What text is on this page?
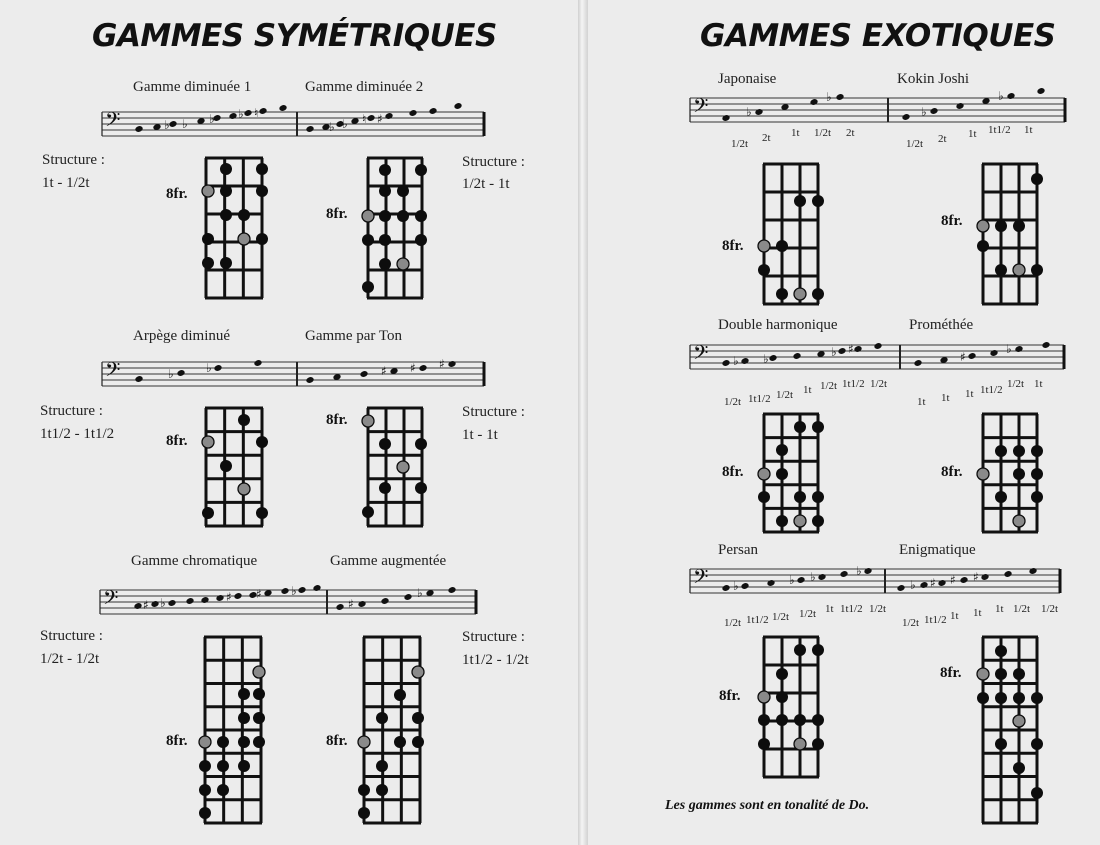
GAMMES SYMÉTRIQUES
Gamme diminuée 1	Gamme diminuée 2
𝄢	♭ ♭ ♭ ♭ ♮
♭ ♭ ♮ ♯
Structure :
1t - 1/2t
Structure :
1/2t - 1t
8fr.
8fr.
Arpège diminué	Gamme par Ton
𝄢	♭	♭	♯ ♯ ♯
Structure :
1t1/2 - 1t1/2
Structure :
1t - 1t
8fr.
8fr.
Gamme chromatique	Gamme augmentée
𝄢 ♯ ♭	♯ ♯ ♭
♯
♭
Structure :
1/2t - 1/2t
Structure :
1t1/2 - 1/2t
8fr.	8fr.
GAMMES EXOTIQUES
Japonaise	Kokin Joshi
𝄢	♭
♭
♭
♭
1/2t 2t 1t 1/2t 2t
1/2t 2t 1t 1t1/2 1t
8fr.
8fr.
Double harmonique	Prométhée
𝄢 ♭ ♭	♭ ♯
♯
♭
1/2t 1t1/2 1/2t 1t 1/2t 1t1/2 1/2t
1t 1t 1t 1t1/2 1/2t 1t
8fr.	8fr.
Persan	Enigmatique
𝄢 ♭	♭ ♭	♭
♭ ♯ ♯ ♯
1/2t 1t1/2 1/2t 1/2t 1t 1t1/2 1/2t
1/2t 1t1/2 1t 1t 1t 1/2t 1/2t
8fr.
8fr.
Les gammes sont en tonalité de Do.
